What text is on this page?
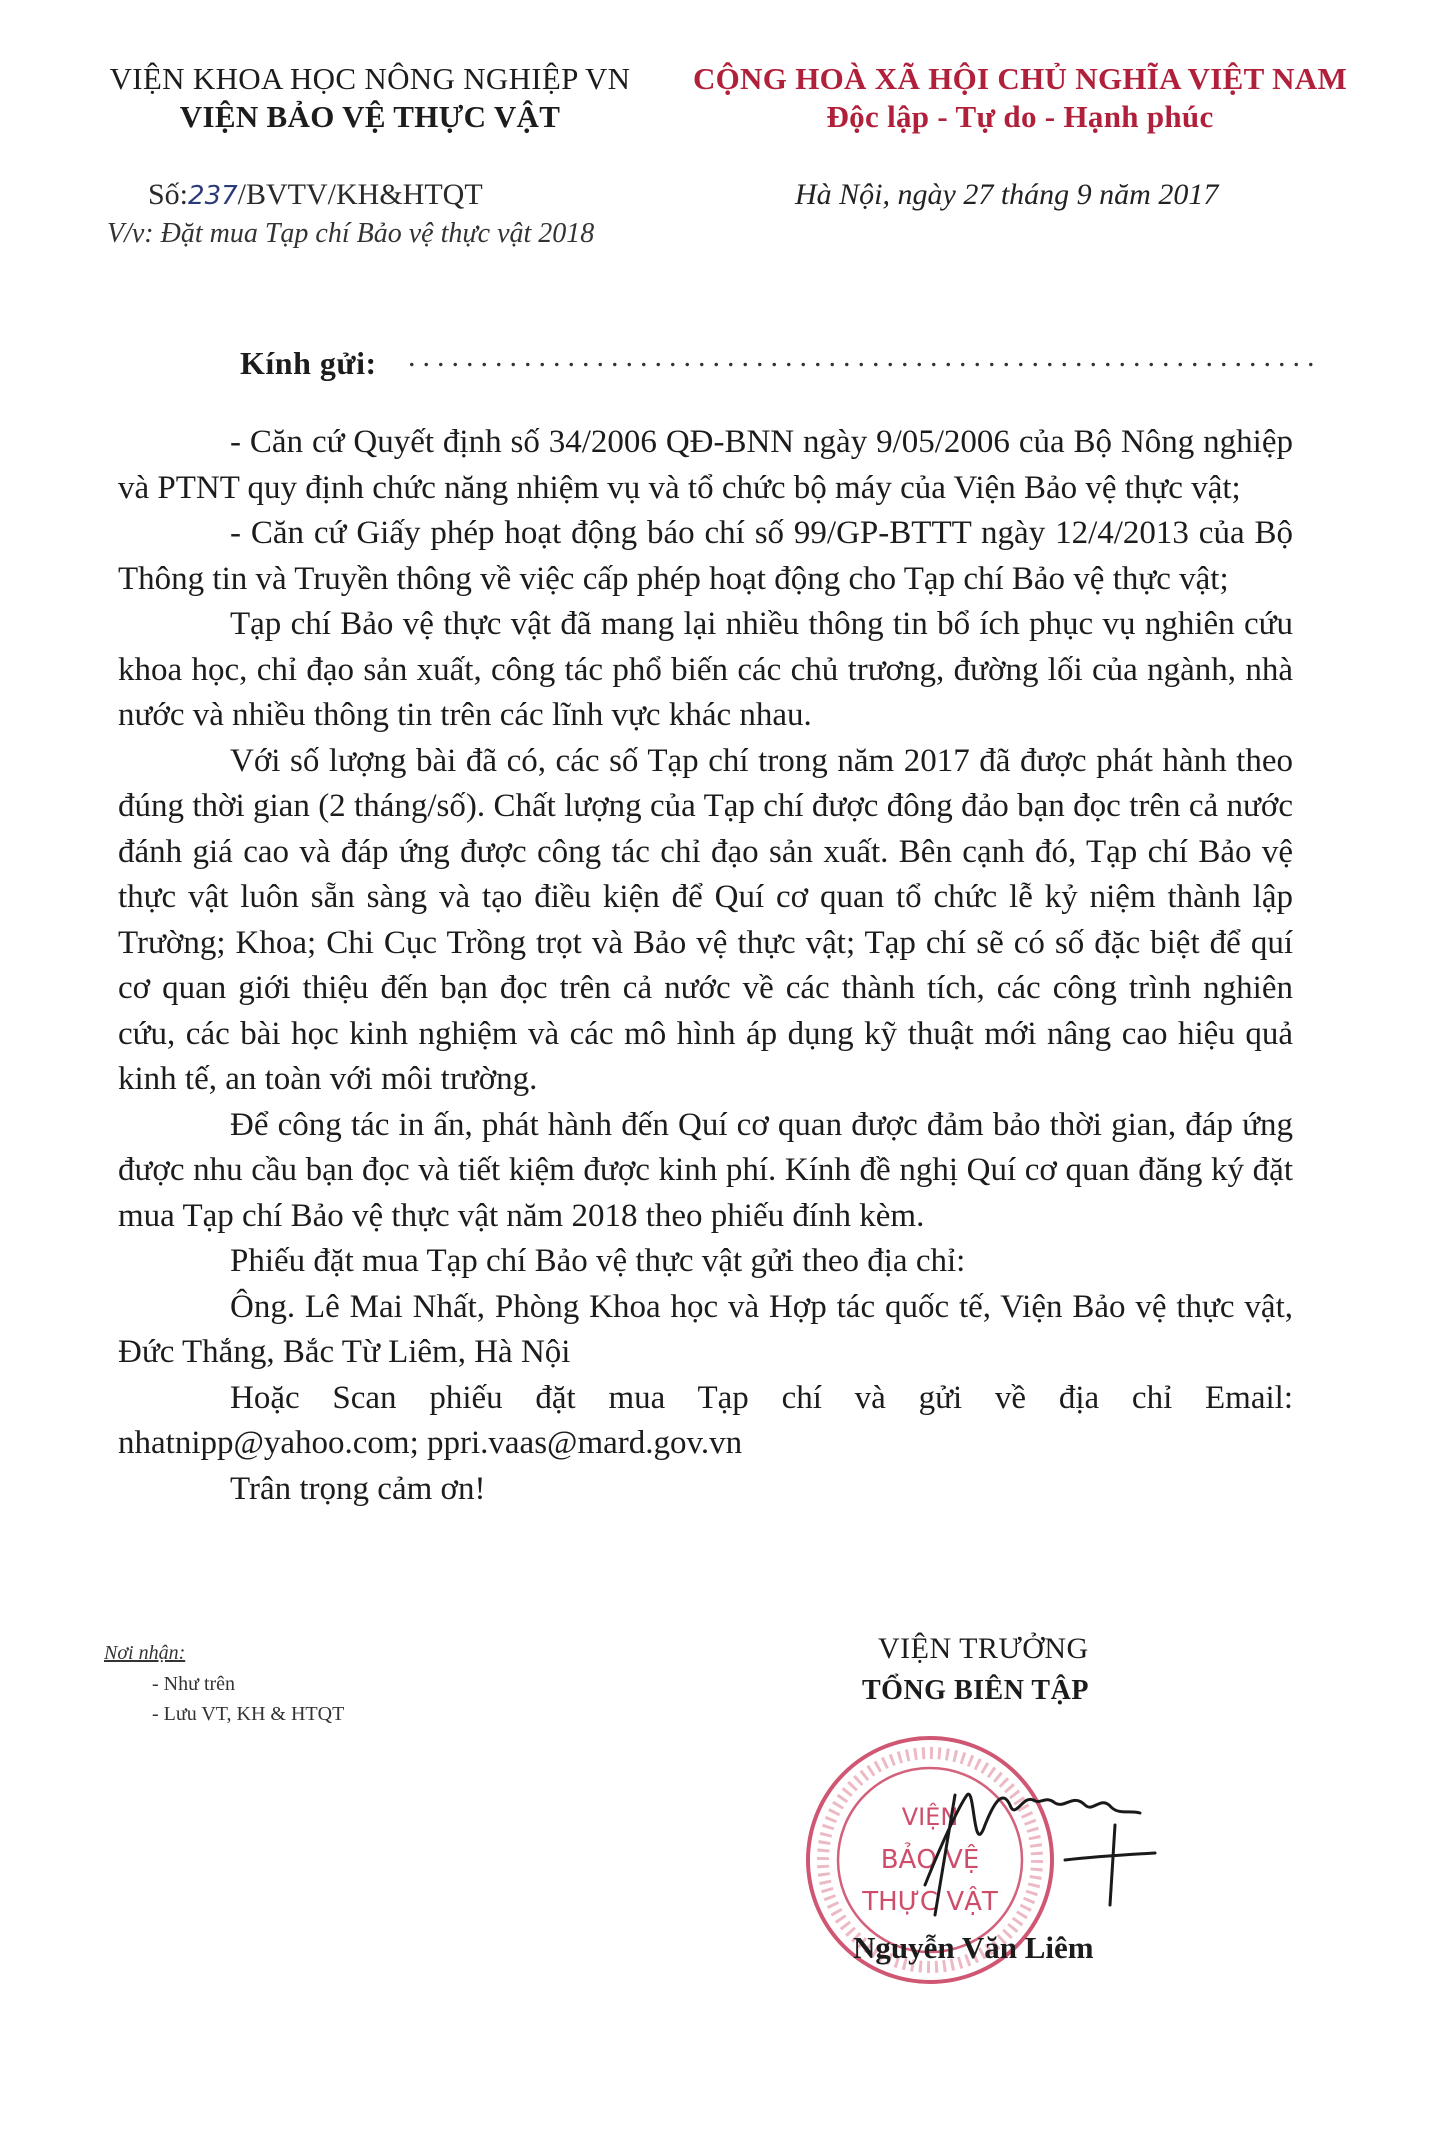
VIỆN KHOA HỌC NÔNG NGHIỆP VN
VIỆN BẢO VỆ THỰC VẬT
CỘNG HOÀ XÃ HỘI CHỦ NGHĨA VIỆT NAM
Độc lập - Tự do - Hạnh phúc
Số:237/BVTV/KH&HTQT
V/v: Đặt mua Tạp chí Bảo vệ thực vật 2018
Hà Nội, ngày 27 tháng 9 năm 2017
Kính gửi: ...............................................................

- Căn cứ Quyết định số 34/2006 QĐ-BNN ngày 9/05/2006 của Bộ Nông nghiệp và PTNT quy định chức năng nhiệm vụ và tổ chức bộ máy của Viện Bảo vệ thực vật;

- Căn cứ Giấy phép hoạt động báo chí số 99/GP-BTTT ngày 12/4/2013 của Bộ Thông tin và Truyền thông về việc cấp phép hoạt động cho Tạp chí Bảo vệ thực vật;

Tạp chí Bảo vệ thực vật đã mang lại nhiều thông tin bổ ích phục vụ nghiên cứu khoa học, chỉ đạo sản xuất, công tác phổ biến các chủ trương, đường lối của ngành, nhà nước và nhiều thông tin trên các lĩnh vực khác nhau.

Với số lượng bài đã có, các số Tạp chí trong năm 2017 đã được phát hành theo đúng thời gian (2 tháng/số). Chất lượng của Tạp chí được đông đảo bạn đọc trên cả nước đánh giá cao và đáp ứng được công tác chỉ đạo sản xuất. Bên cạnh đó, Tạp chí Bảo vệ thực vật luôn sẵn sàng và tạo điều kiện để Quí cơ quan tổ chức lễ kỷ niệm thành lập Trường; Khoa; Chi Cục Trồng trọt và Bảo vệ thực vật; Tạp chí sẽ có số đặc biệt để quí cơ quan giới thiệu đến bạn đọc trên cả nước về các thành tích, các công trình nghiên cứu, các bài học kinh nghiệm và các mô hình áp dụng kỹ thuật mới nâng cao hiệu quả kinh tế, an toàn với môi trường.

Để công tác in ấn, phát hành đến Quí cơ quan được đảm bảo thời gian, đáp ứng được nhu cầu bạn đọc và tiết kiệm được kinh phí. Kính đề nghị Quí cơ quan đăng ký đặt mua Tạp chí Bảo vệ thực vật năm 2018 theo phiếu đính kèm.

Phiếu đặt mua Tạp chí Bảo vệ thực vật gửi theo địa chỉ:

Ông. Lê Mai Nhất, Phòng Khoa học và Hợp tác quốc tế, Viện Bảo vệ thực vật, Đức Thắng, Bắc Từ Liêm, Hà Nội

Hoặc Scan phiếu đặt mua Tạp chí và gửi về địa chỉ Email: nhatnipp@yahoo.com; ppri.vaas@mard.gov.vn

Trân trọng cảm ơn!

Nơi nhận:
- Như trên
- Lưu VT, KH & HTQT
VIỆN TRƯỞNG
TỔNG BIÊN TẬP
VIỆN
BẢO VỆ
THỰC VẬT
Nguyễn Văn Liêm
